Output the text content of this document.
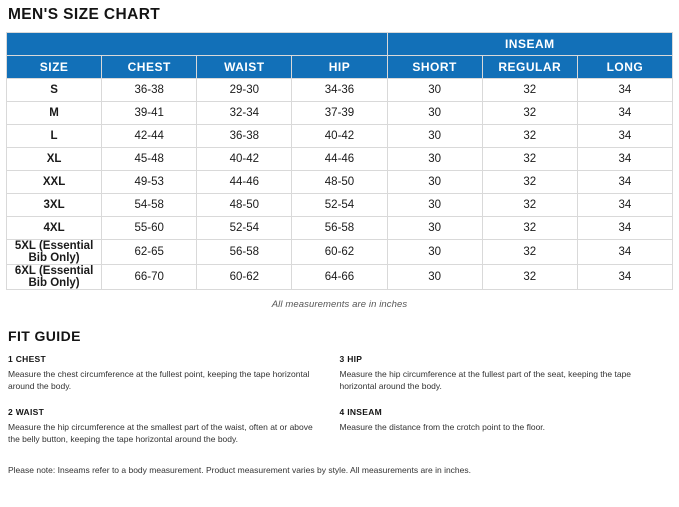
MEN'S SIZE CHART
				INSEAM		
SIZE	CHEST	WAIST	HIP	SHORT	REGULAR	LONG
S	36-38	29-30	34-36	30	32	34
M	39-41	32-34	37-39	30	32	34
L	42-44	36-38	40-42	30	32	34
XL	45-48	40-42	44-46	30	32	34
XXL	49-53	44-46	48-50	30	32	34
3XL	54-58	48-50	52-54	30	32	34
4XL	55-60	52-54	56-58	30	32	34
5XL (Essential Bib Only)	62-65	56-58	60-62	30	32	34
6XL (Essential Bib Only)	66-70	60-62	64-66	30	32	34
All measurements are in inches
FIT GUIDE
1 CHEST
Measure the chest circumference at the fullest point, keeping the tape horizontal around the body.
2 WAIST
Measure the hip circumference at the smallest part of the waist, often at or above the belly button, keeping the tape horizontal around the body.
3 HIP
Measure the hip circumference at the fullest part of the seat, keeping the tape horizontal around the body.
4 INSEAM
Measure the distance from the crotch point to the floor.
Please note: Inseams refer to a body measurement. Product measurement varies by style. All measurements are in inches.
